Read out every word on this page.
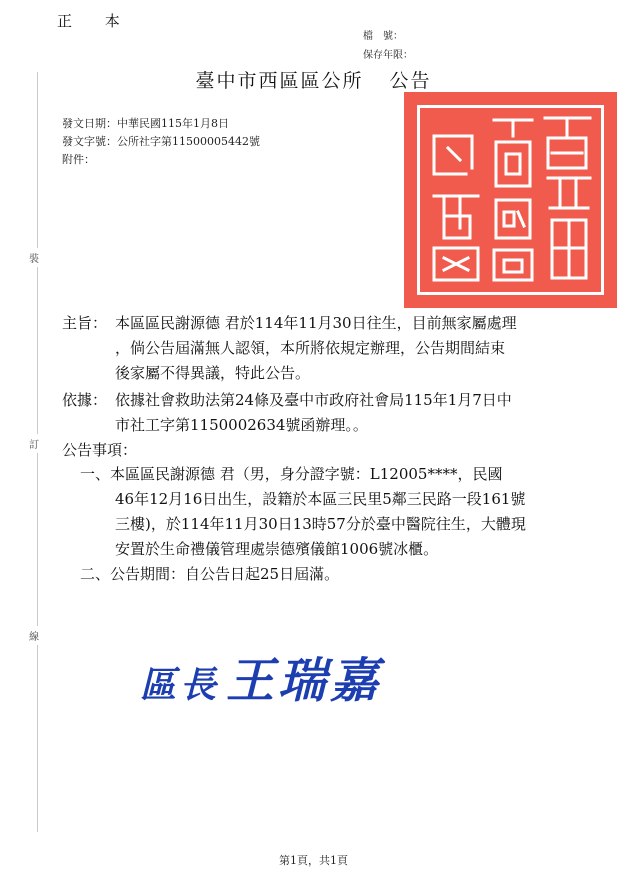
正 本
檔　號：
保存年限：
裝
訂
線
臺中市西區區公所 公告
發文日期：中華民國115年1月8日
發文字號：公所社字第11500005442號
附件：
主旨： 本區區民謝源德 君於114年11月30日往生，目前無家屬處理
，倘公告屆滿無人認領，本所將依規定辦理，公告期間結束
後家屬不得異議，特此公告。
依據： 依據社會救助法第24條及臺中市政府社會局115年1月7日中
市社工字第1150002634號函辦理。。
公告事項：
一、本區區民謝源德 君（男，身分證字號：L12005****，民國
46年12月16日出生，設籍於本區三民里5鄰三民路一段161號
三樓)，於114年11月30日13時57分於臺中醫院往生，大體現
安置於生命禮儀管理處崇德殯儀館1006號冰櫃。
二、公告期間：自公告日起25日屆滿。
區長 王瑞嘉
第1頁，共1頁
